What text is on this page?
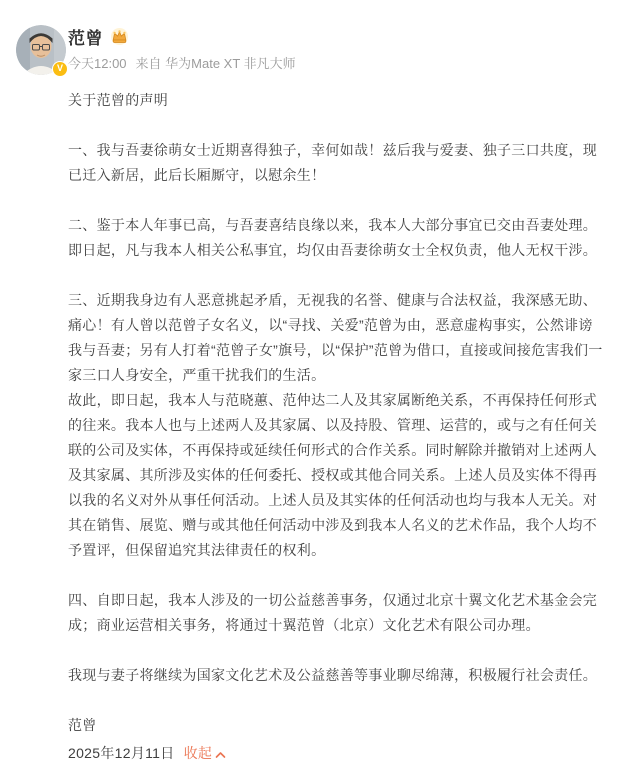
V
范曾
今天12:00 来自 华为Mate XT 非凡大师

关于范曾的声明

一、我与吾妻徐萌女士近期喜得独子，幸何如哉！兹后我与爱妻、独子三口共度，现已迁入新居，此后长厢厮守，以慰余生！

二、鉴于本人年事已高，与吾妻喜结良缘以来，我本人大部分事宜已交由吾妻处理。即日起，凡与我本人相关公私事宜，均仅由吾妻徐萌女士全权负责，他人无权干涉。

三、近期我身边有人恶意挑起矛盾，无视我的名誉、健康与合法权益，我深感无助、痛心！有人曾以范曾子女名义，以“寻找、关爱”范曾为由，恶意虚构事实，公然诽谤我与吾妻；另有人打着“范曾子女”旗号，以“保护”范曾为借口，直接或间接危害我们一家三口人身安全，严重干扰我们的生活。

故此，即日起，我本人与范晓蕙、范仲达二人及其家属断绝关系，不再保持任何形式的往来。我本人也与上述两人及其家属、以及持股、管理、运营的，或与之有任何关联的公司及实体，不再保持或延续任何形式的合作关系。同时解除并撤销对上述两人及其家属、其所涉及实体的任何委托、授权或其他合同关系。上述人员及实体不得再以我的名义对外从事任何活动。上述人员及其实体的任何活动也均与我本人无关。对其在销售、展览、赠与或其他任何活动中涉及到我本人名义的艺术作品，我个人均不予置评，但保留追究其法律责任的权利。

四、自即日起，我本人涉及的一切公益慈善事务，仅通过北京十翼文化艺术基金会完成；商业运营相关事务，将通过十翼范曾（北京）文化艺术有限公司办理。

我现与妻子将继续为国家文化艺术及公益慈善等事业聊尽绵薄，积极履行社会责任。

范曾

2025年12月11日 收起
